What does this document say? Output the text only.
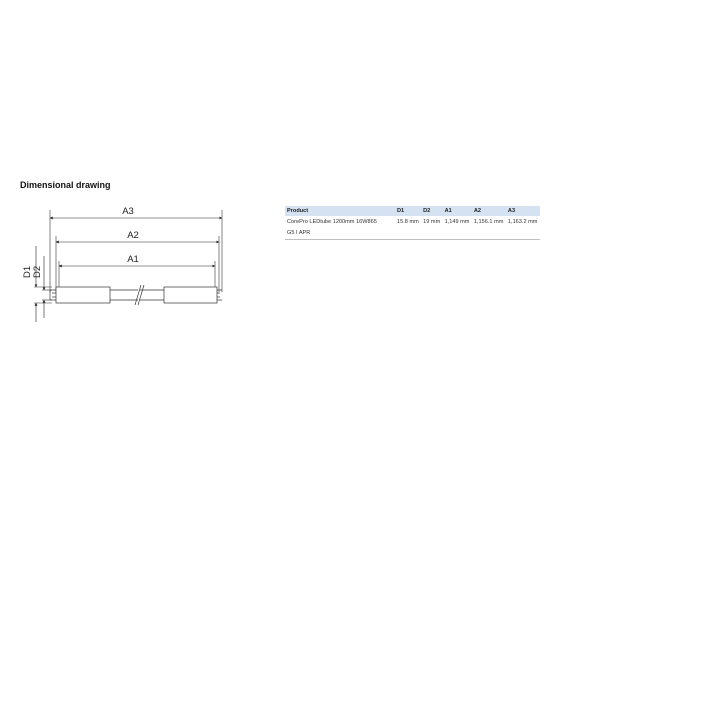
Dimensional drawing
A3
A2
A1
D1 D2
Product	D1	D2	A1	A2	A3
CorePro LEDtube 1200mm 16W865	15.8 mm	19 mm	1,149 mm	1,156.1 mm	1,163.2 mm
G5 I APR					
